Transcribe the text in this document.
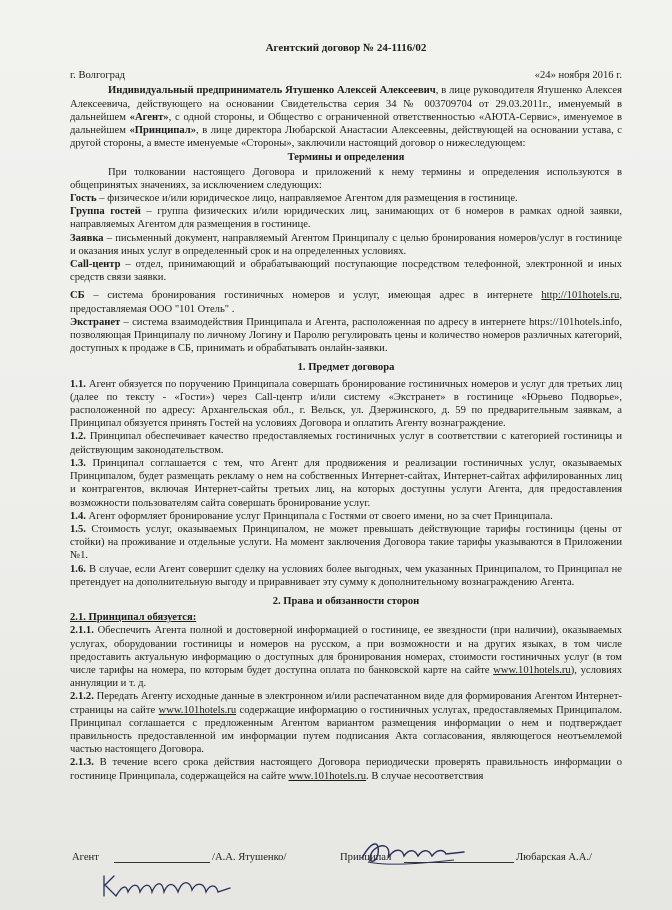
Агентский договор № 24-1116/02
г. Волгоград	«24» ноября 2016 г.

Индивидуальный предприниматель Ятушенко Алексей Алексеевич, в лице руководителя Ятушенко Алексея Алексеевича, действующего на основании Свидетельства серия 34 № 003709704 от 29.03.2011г., именуемый в дальнейшем «Агент», с одной стороны, и Общество с ограниченной ответственностью «АЮТА-Сервис», именуемое в дальнейшем «Принципал», в лице директора Любарской Анастасии Алексеевны, действующей на основании устава, с другой стороны, а вместе именуемые «Стороны», заключили настоящий договор о нижеследующем:

Термины и определения

При толковании настоящего Договора и приложений к нему термины и определения используются в общепринятых значениях, за исключением следующих:

Гость – физическое и/или юридическое лицо, направляемое Агентом для размещения в гостинице.

Группа гостей – группа физических и/или юридических лиц, занимающих от 6 номеров в рамках одной заявки, направляемых Агентом для размещения в гостинице.

Заявка – письменный документ, направляемый Агентом Принципалу с целью бронирования номеров/услуг в гостинице и оказания иных услуг в определенный срок и на определенных условиях.

Call-центр – отдел, принимающий и обрабатывающий поступающие посредством телефонной, электронной и иных средств связи заявки.

СБ – система бронирования гостиничных номеров и услуг, имеющая адрес в интернете http://101hotels.ru, предоставляемая ООО "101 Отель" .

Экстранет – система взаимодействия Принципала и Агента, расположенная по адресу в интернете https://101hotels.info, позволяющая Принципалу по личному Логину и Паролю регулировать цены и количество номеров различных категорий, доступных к продаже в СБ, принимать и обрабатывать онлайн-заявки.

1. Предмет договора

1.1. Агент обязуется по поручению Принципала совершать бронирование гостиничных номеров и услуг для третьих лиц (далее по тексту - «Гости») через Call-центр и/или систему «Экстранет» в гостинице «Юрьево Подворье», расположенной по адресу: Архангельская обл., г. Вельск, ул. Дзержинского, д. 59 по предварительным заявкам, а Принципал обязуется принять Гостей на условиях Договора и оплатить Агенту вознаграждение.

1.2. Принципал обеспечивает качество предоставляемых гостиничных услуг в соответствии с категорией гостиницы и действующим законодательством.

1.3. Принципал соглашается с тем, что Агент для продвижения и реализации гостиничных услуг, оказываемых Принципалом, будет размещать рекламу о нем на собственных Интернет-сайтах, Интернет-сайтах аффилированных лиц и контрагентов, включая Интернет-сайты третьих лиц, на которых доступны услуги Агента, для предоставления возможности пользователям сайта совершать бронирование услуг.

1.4. Агент оформляет бронирование услуг Принципала с Гостями от своего имени, но за счет Принципала.

1.5. Стоимость услуг, оказываемых Принципалом, не может превышать действующие тарифы гостиницы (цены от стойки) на проживание и отдельные услуги. На момент заключения Договора такие тарифы указываются в Приложении №1.

1.6. В случае, если Агент совершит сделку на условиях более выгодных, чем указанных Принципалом, то Принципал не претендует на дополнительную выгоду и приравнивает эту сумму к дополнительному вознаграждению Агента.

2. Права и обязанности сторон

2.1. Принципал обязуется:

2.1.1. Обеспечить Агента полной и достоверной информацией о гостинице, ее звездности (при наличии), оказываемых услугах, оборудовании гостиницы и номеров на русском, а при возможности и на других языках, в том числе предоставить актуальную информацию о доступных для бронирования номерах, стоимости гостиничных услуг (в том числе тарифы на номера, по которым будет доступна оплата по банковской карте на сайте www.101hotels.ru), условиях аннуляции и т. д.

2.1.2. Передать Агенту исходные данные в электронном и/или распечатанном виде для формирования Агентом Интернет-страницы на сайте www.101hotels.ru содержащие информацию о гостиничных услугах, предоставляемых Принципалом. Принципал соглашается с предложенным Агентом вариантом размещения информации о нем и подтверждает правильность предоставленной им информации путем подписания Акта согласования, являющегося неотъемлемой частью настоящего Договора.

2.1.3. В течение всего срока действия настоящего Договора периодически проверять правильность информации о гостинице Принципала, содержащейся на сайте www.101hotels.ru. В случае несоответствия

Агент	/А.А. Ятушенко/	Принципал	Любарская А.А./
